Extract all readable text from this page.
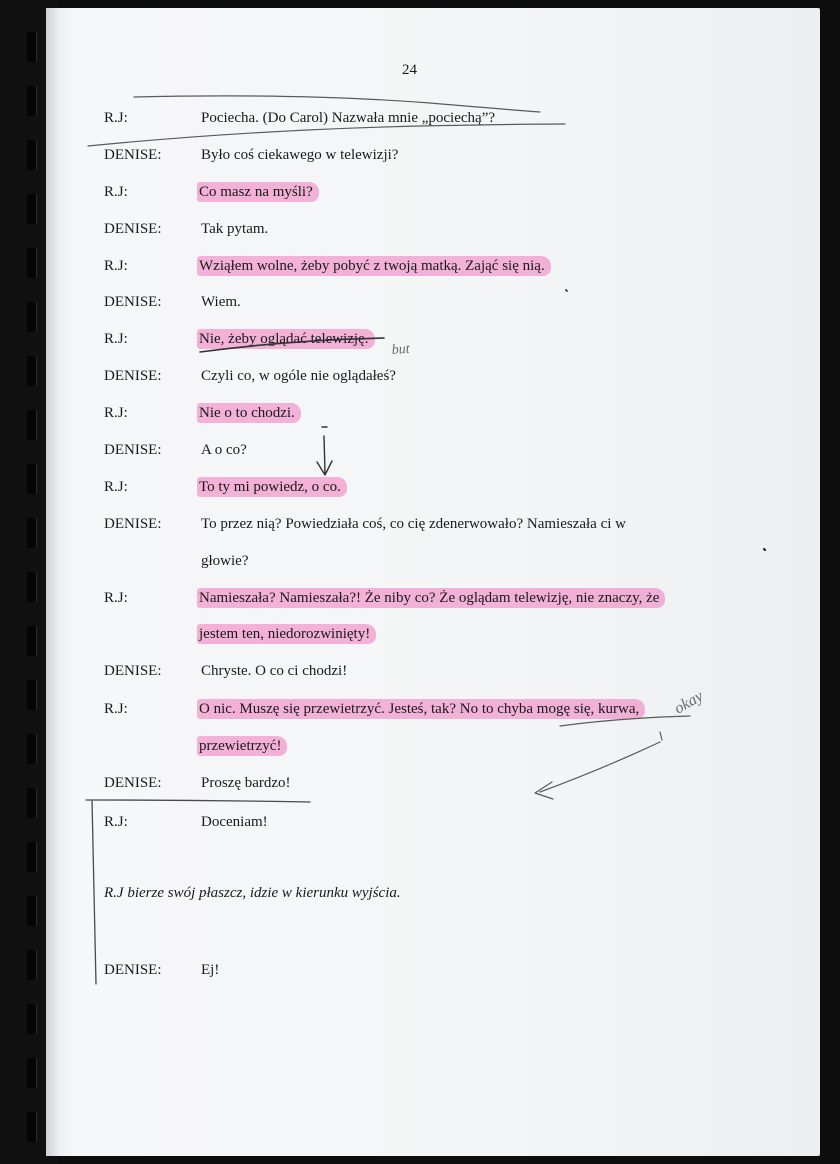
24
R.J:	Pociecha. (Do Carol) Nazwała mnie „pociechą”?
DENISE:	Było coś ciekawego w telewizji?
R.J:	Co masz na myśli?
DENISE:	Tak pytam.
R.J:	Wziąłem wolne, żeby pobyć z twoją matką. Zająć się nią.
DENISE:	Wiem.
R.J:	Nie, żeby oglądać telewizję.
DENISE:	Czyli co, w ogóle nie oglądałeś?
R.J:	Nie o to chodzi.
DENISE:	A o co?
R.J:	To ty mi powiedz, o co.
DENISE:	To przez nią? Powiedziała coś, co cię zdenerwowało? Namieszała ci w
głowie?
R.J:	Namieszała? Namieszała?! Że niby co? Że oglądam telewizję, nie znaczy, że
jestem ten, niedorozwinięty!
DENISE:	Chryste. O co ci chodzi!
R.J:	O nic. Muszę się przewietrzyć. Jesteś, tak? No to chyba mogę się, kurwa,
przewietrzyć!
DENISE:	Proszę bardzo!
R.J:	Doceniam!
R.J bierze swój płaszcz, idzie w kierunku wyjścia.
DENISE:	Ej!
but
okay
